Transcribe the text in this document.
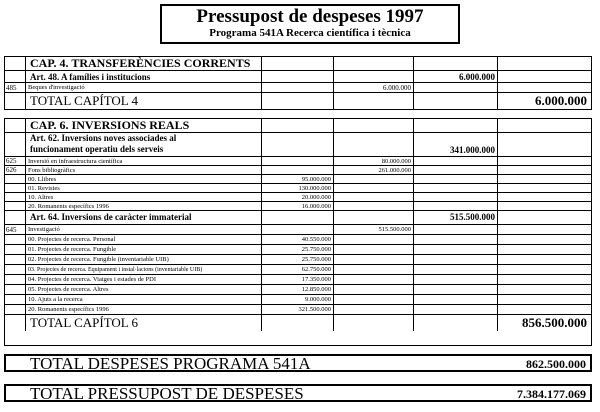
Pressupost de despeses 1997
Programa 541A Recerca científica i tècnica
CAP. 4. TRANSFERÈNCIES CORRENTS
Art. 48. A famílies i institucions	6.000.000
485	Beques d'investigació	6.000.000
TOTAL CAPÍTOL 4	6.000.000
CAP. 6. INVERSIONS REALS
Art. 62. Inversions noves associades al
funcionament operatiu dels serveis	341.000.000
625	Inversió en infraestructura científica	80.000.000
626	Fons bibliogràfics	261.000.000
00. Llibres	95.000.000
01. Revistes	130.000.000
10. Altres	20.000.000
20. Romanents específics 1996	16.000.000
Art. 64. Inversions de caràcter immaterial	515.500.000
645	Investigació	515.500.000
00. Projectes de recerca. Personal	40.550.000
01. Projectes de recerca. Fungible	25.750.000
02. Projectes de recerca. Fungible (inventariable UIB)	25.750.000
03. Projectes de recerca. Equipament i instal·lacions (inventariable UIB)	62.750.000
04. Projectes de recerca. Viatges i estades de PDI	17.350.000
05. Projectes de recerca. Altres	12.850.000
10. Ajuts a la recerca	9.000.000
20. Romanents específics 1996	321.500.000
TOTAL CAPÍTOL 6	856.500.000
TOTAL DESPESES PROGRAMA 541A	862.500.000
TOTAL PRESSUPOST DE DESPESES	7.384.177.069
